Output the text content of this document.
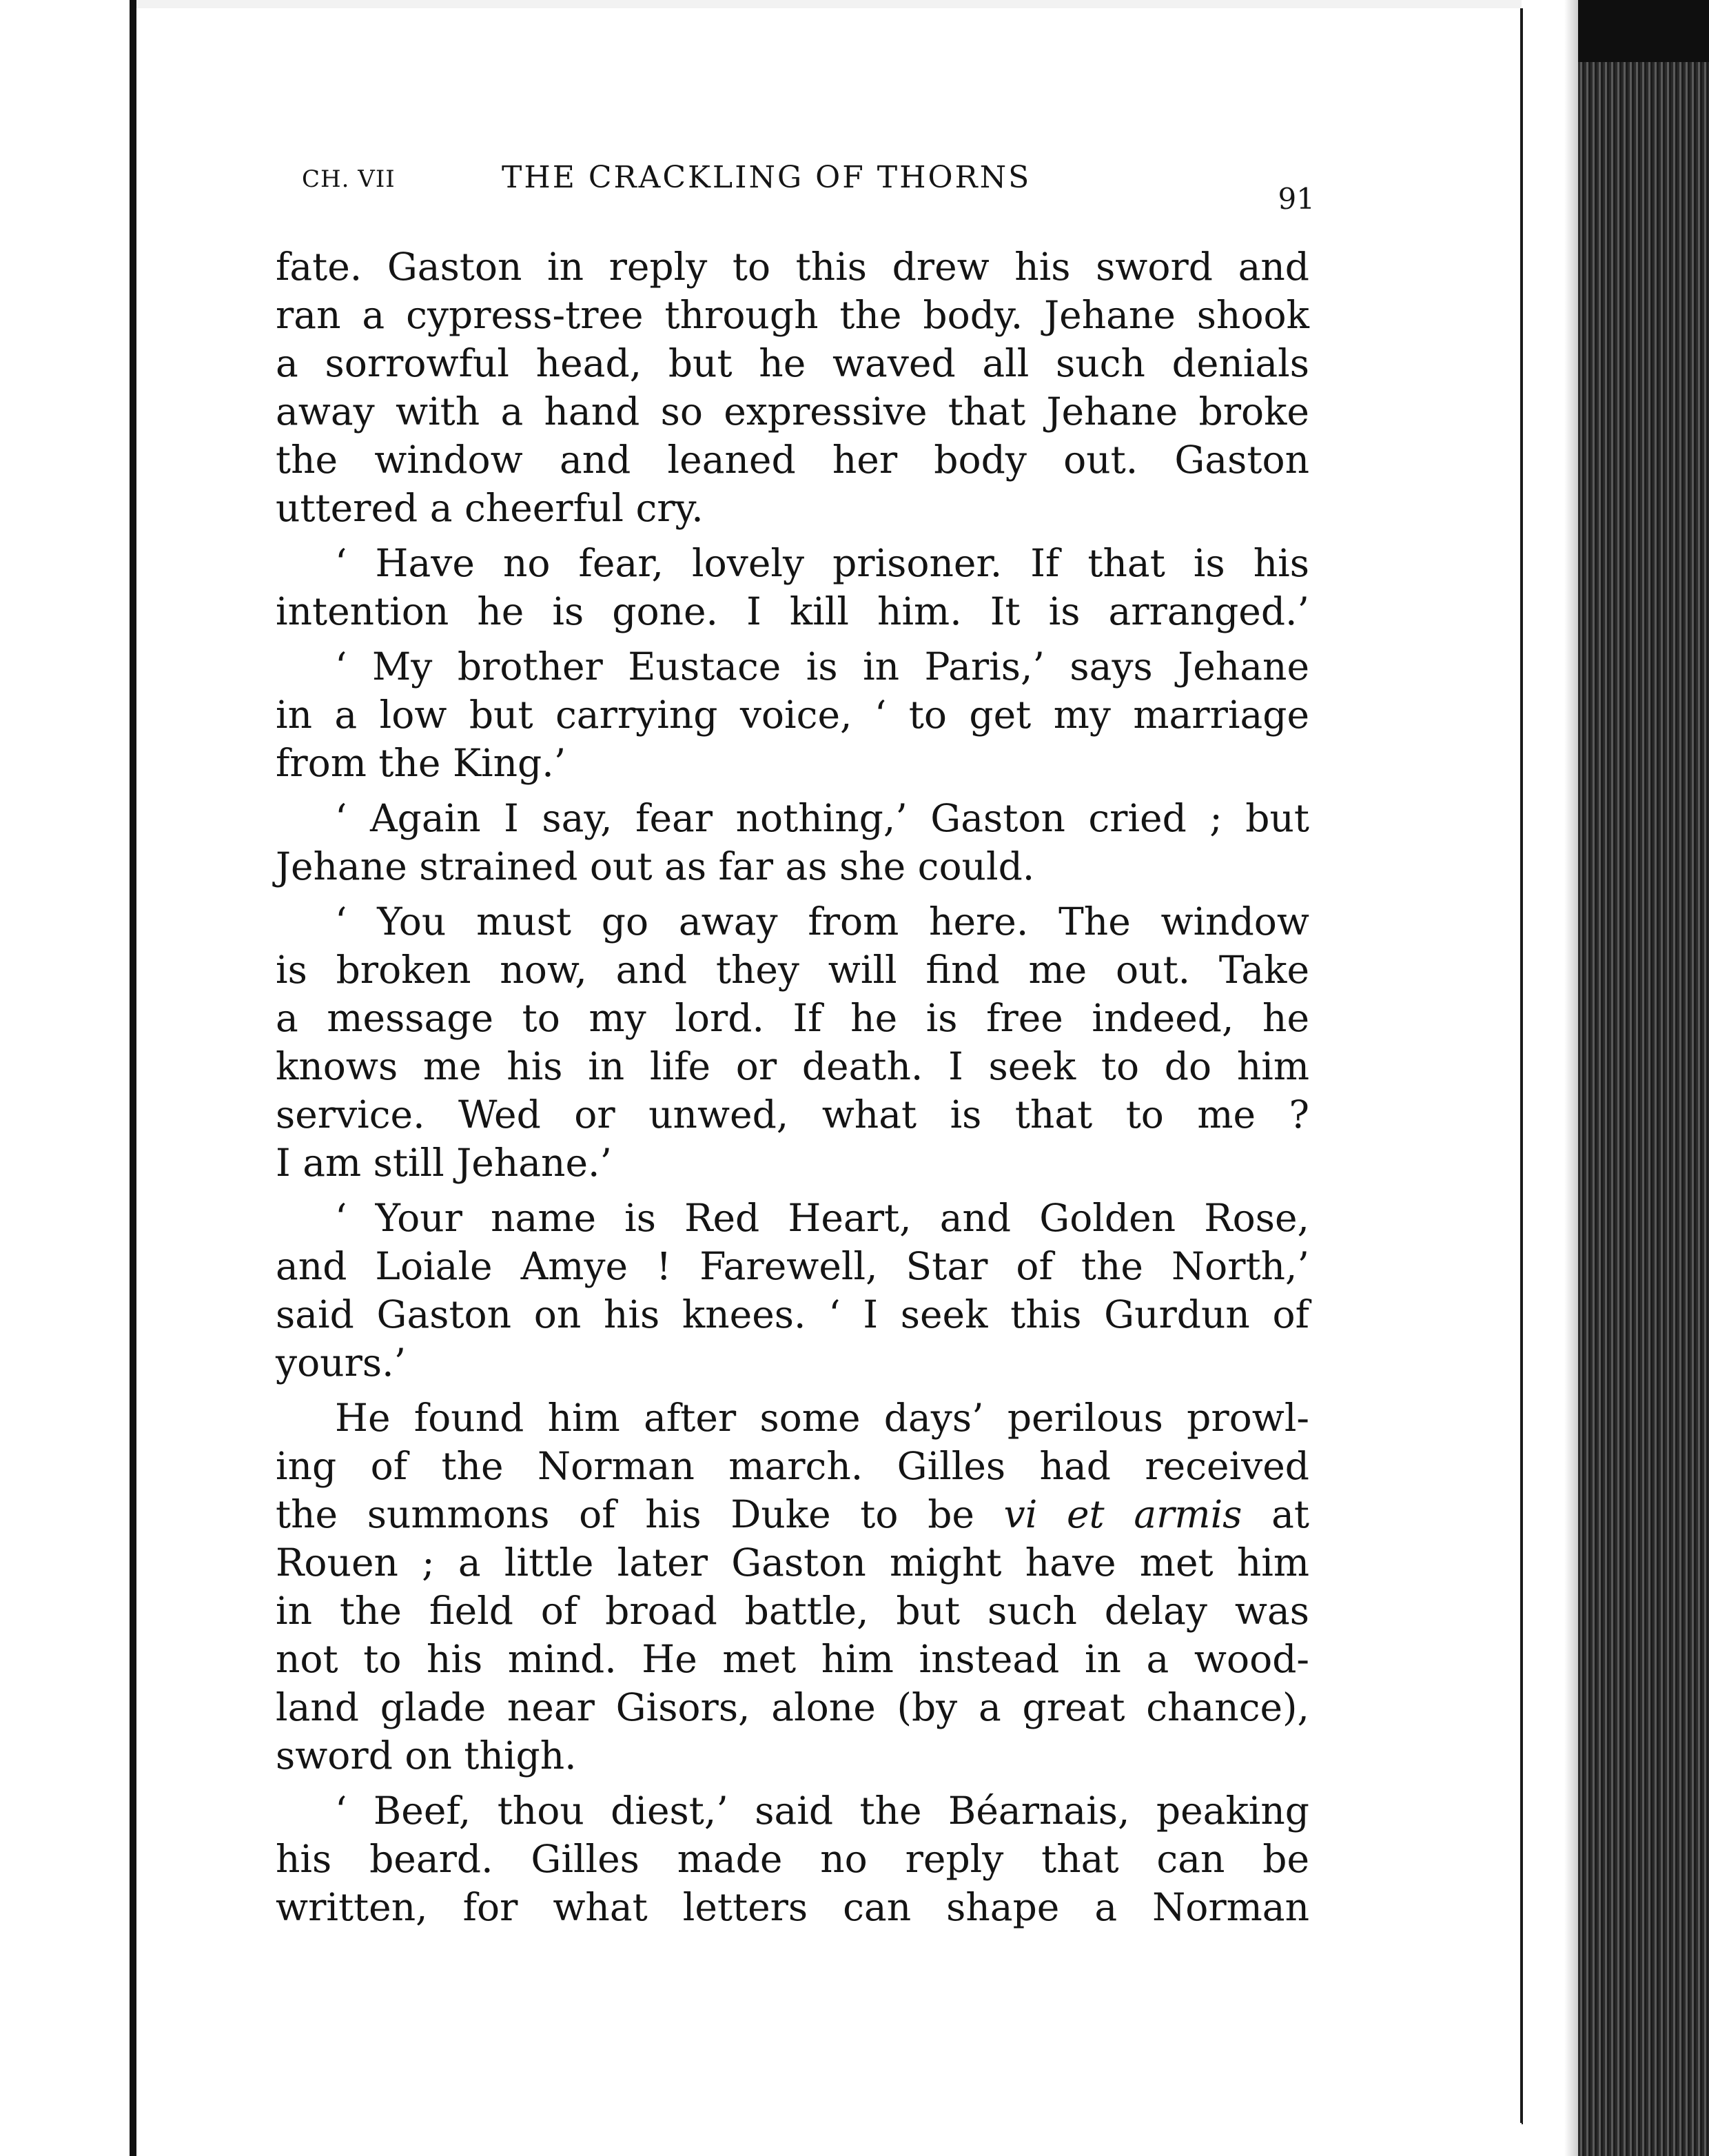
CH. VII	THE CRACKLING OF THORNS
91
fate. Gaston in reply to this drew his sword and
ran a cypress-tree through the body. Jehane shook
a sorrowful head, but he waved all such denials
away with a hand so expressive that Jehane broke
the window and leaned her body out. Gaston
uttered a cheerful cry.
‘ Have no fear, lovely prisoner. If that is his
intention he is gone. I kill him. It is arranged.’
‘ My brother Eustace is in Paris,’ says Jehane
in a low but carrying voice, ‘ to get my marriage
from the King.’
‘ Again I say, fear nothing,’ Gaston cried ; but
Jehane strained out as far as she could.
‘ You must go away from here. The window
is broken now, and they will find me out. Take
a message to my lord. If he is free indeed, he
knows me his in life or death. I seek to do him
service. Wed or unwed, what is that to me ?
I am still Jehane.’
‘ Your name is Red Heart, and Golden Rose,
and Loiale Amye ! Farewell, Star of the North,’
said Gaston on his knees. ‘ I seek this Gurdun of
yours.’
He found him after some days’ perilous prowl-
ing of the Norman march. Gilles had received
the summons of his Duke to be vi et armis at
Rouen ; a little later Gaston might have met him
in the field of broad battle, but such delay was
not to his mind. He met him instead in a wood-
land glade near Gisors, alone (by a great chance),
sword on thigh.
‘ Beef, thou diest,’ said the Béarnais, peaking
his beard. Gilles made no reply that can be
written, for what letters can shape a Norman
